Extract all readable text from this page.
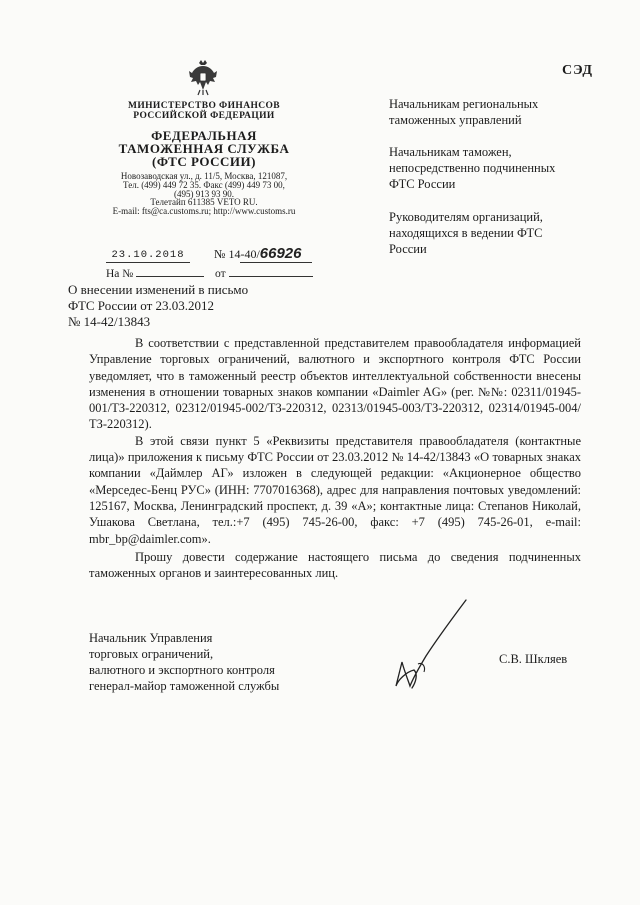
СЭД
МИНИСТЕРСТВО ФИНАНСОВ
РОССИЙСКОЙ ФЕДЕРАЦИИ
ФЕДЕРАЛЬНАЯ
ТАМОЖЕННАЯ СЛУЖБА
(ФТС РОССИИ)
Новозаводская ул., д. 11/5, Москва, 121087,
Тел. (499) 449 72 35. Факс (499) 449 73 00,
(495) 913 93 90.
Телетайп 611385 VETO RU.
E-mail: fts@ca.customs.ru; http://www.customs.ru
23.10.2018	№ 14-40/66926
На №	от
Начальникам региональных таможенных управлений
Начальникам таможен, непосредственно подчиненных ФТС России
Руководителям организаций, находящихся в ведении ФТС России
О внесении изменений в письмо
ФТС России от 23.03.2012
№ 14-42/13843

В соответствии с представленной представителем правообладателя информацией Управление торговых ограничений, валютного и экспортного контроля ФТС России уведомляет, что в таможенный реестр объектов интеллектуальной собственности внесены изменения в отношении товарных знаков компании «Daimler AG» (рег. №№: 02311/01945-001/ТЗ-220312, 02312/01945-002/ТЗ-220312, 02313/01945-003/ТЗ-220312, 02314/01945-004/ТЗ-220312).

В этой связи пункт 5 «Реквизиты представителя правообладателя (контактные лица)» приложения к письму ФТС России от 23.03.2012 № 14-42/13843 «О товарных знаках компании «Даймлер АГ» изложен в следующей редакции: «Акционерное общество «Мерседес-Бенц РУС» (ИНН: 7707016368), адрес для направления почтовых уведомлений: 125167, Москва, Ленинградский проспект, д. 39 «А»; контактные лица: Степанов Николай, Ушакова Светлана, тел.:+7 (495) 745-26-00, факс: +7 (495) 745-26-01, e-mail: mbr_bp@daimler.com».

Прошу довести содержание настоящего письма до сведения подчиненных таможенных органов и заинтересованных лиц.

Начальник Управления
торговых ограничений,
валютного и экспортного контроля
генерал-майор таможенной службы
С.В. Шкляев
